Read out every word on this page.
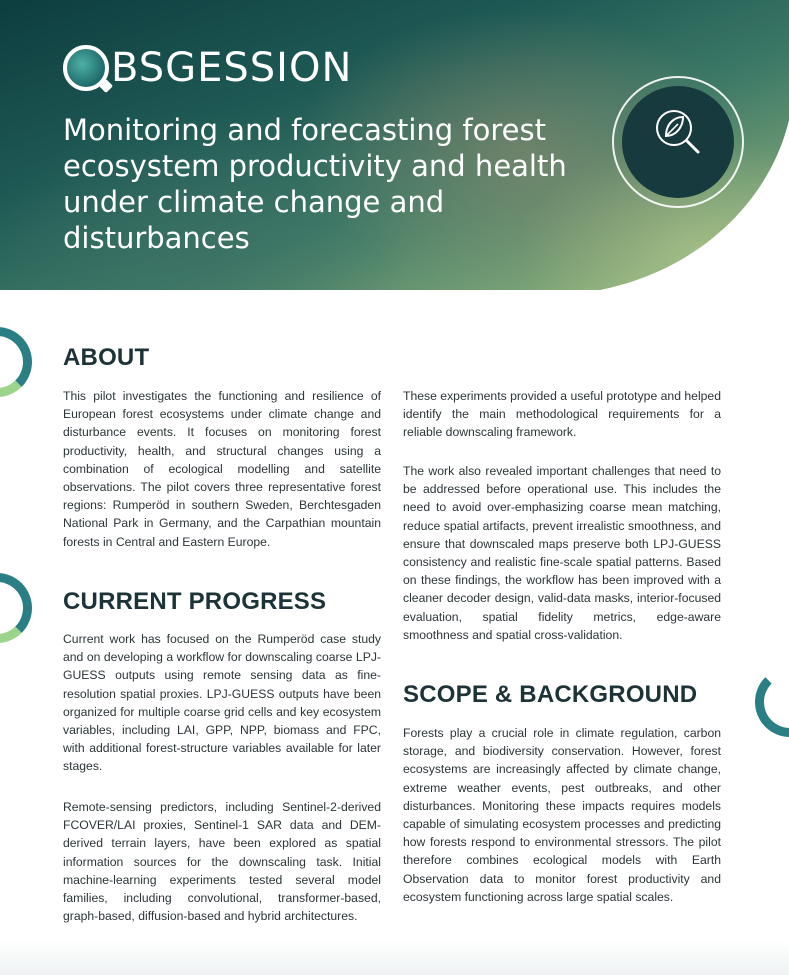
BSGESSION
Monitoring and forecasting forest ecosystem productivity and health under climate change and disturbances
ABOUT

This pilot investigates the functioning and resilience of European forest ecosystems under climate change and disturbance events. It focuses on monitoring forest productivity, health, and structural changes using a combination of ecological modelling and satellite observations. The pilot covers three representative forest regions: Rumperöd in southern Sweden, Berchtesgaden National Park in Germany, and the Carpathian mountain forests in Central and Eastern Europe.

CURRENT PROGRESS

Current work has focused on the Rumperöd case study and on developing a workflow for downscaling coarse LPJ-GUESS outputs using remote sensing data as fine-resolution spatial proxies. LPJ-GUESS outputs have been organized for multiple coarse grid cells and key ecosystem variables, including LAI, GPP, NPP, biomass and FPC, with additional forest-structure variables available for later stages.

Remote-sensing predictors, including Sentinel-2-derived FCOVER/LAI proxies, Sentinel-1 SAR data and DEM-derived terrain layers, have been explored as spatial information sources for the downscaling task. Initial machine-learning experiments tested several model families, including convolutional, transformer-based, graph-based, diffusion-based and hybrid architectures.

These experiments provided a useful prototype and helped identify the main methodological requirements for a reliable downscaling framework.

The work also revealed important challenges that need to be addressed before operational use. This includes the need to avoid over-emphasizing coarse mean matching, reduce spatial artifacts, prevent irrealistic smoothness, and ensure that downscaled maps preserve both LPJ-GUESS consistency and realistic fine-scale spatial patterns. Based on these findings, the workflow has been improved with a cleaner decoder design, valid-data masks, interior-focused evaluation, spatial fidelity metrics, edge-aware smoothness and spatial cross-validation.

SCOPE & BACKGROUND

Forests play a crucial role in climate regulation, carbon storage, and biodiversity conservation. However, forest ecosystems are increasingly affected by climate change, extreme weather events, pest outbreaks, and other disturbances. Monitoring these impacts requires models capable of simulating ecosystem processes and predicting how forests respond to environmental stressors. The pilot therefore combines ecological models with Earth Observation data to monitor forest productivity and ecosystem functioning across large spatial scales.
